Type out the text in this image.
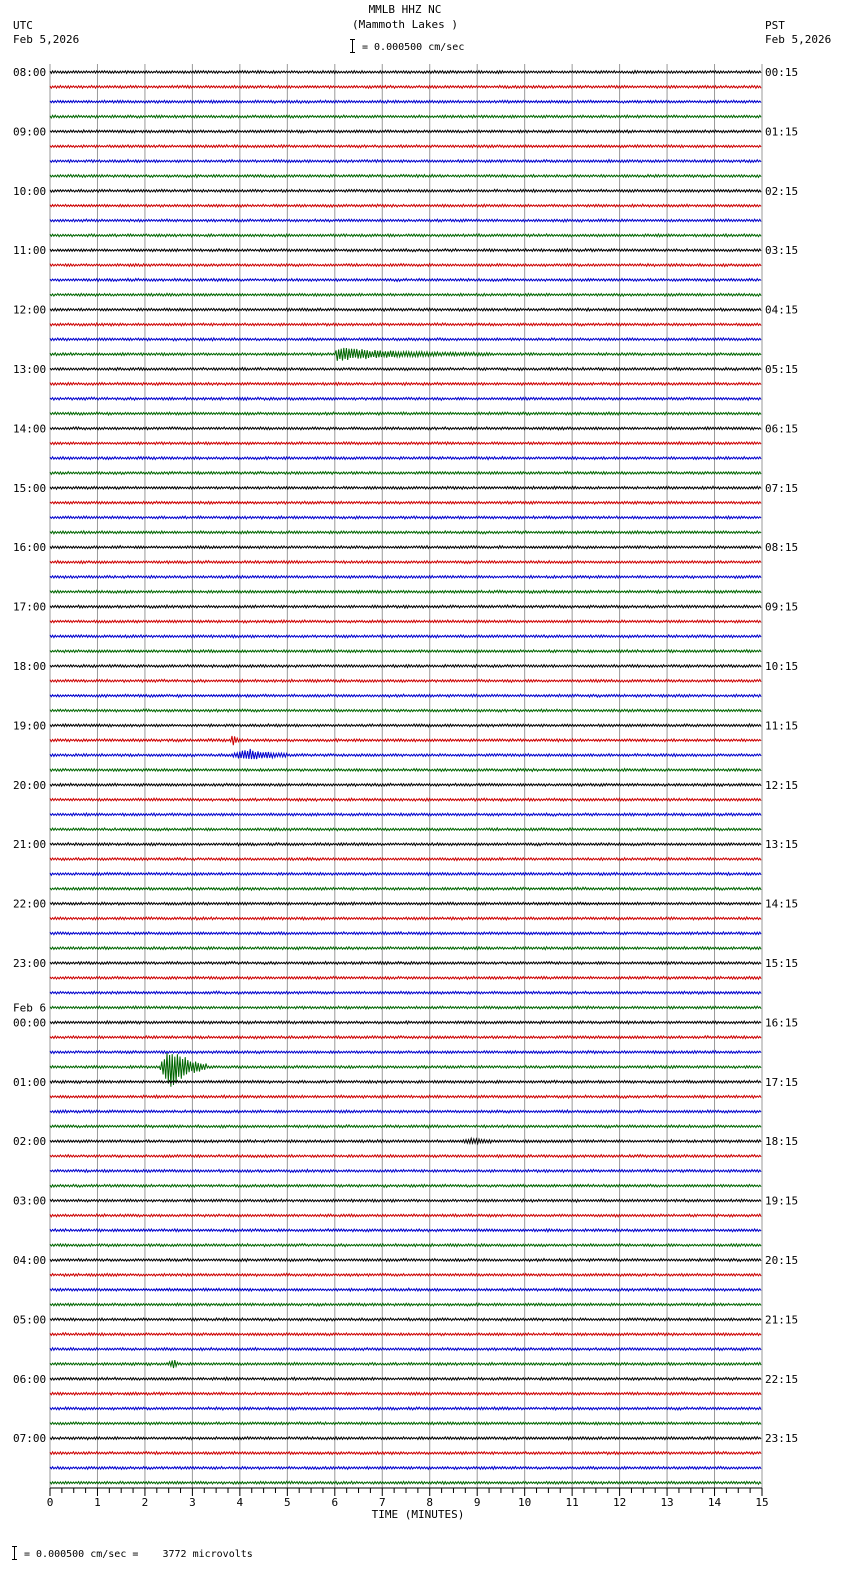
MMLB HHZ NC
(Mammoth Lakes )
= 0.000500 cm/sec
UTC
Feb 5,2026
PST
Feb 5,2026
08:00	00:15
09:00	01:15
10:00	02:15
11:00	03:15
12:00	04:15
13:00	05:15
14:00	06:15
15:00	07:15
16:00	08:15
17:00	09:15
18:00	10:15
19:00	11:15
20:00	12:15
21:00	13:15
22:00	14:15
23:00	15:15
00:00	16:15
01:00	17:15
02:00	18:15
03:00	19:15
04:00	20:15
05:00	21:15
06:00	22:15
07:00	23:15
Feb 6
0	1	2	3	4	5	6	7	8	9	10	11	12	13	14	15
TIME (MINUTES)
= 0.000500 cm/sec =    3772 microvolts
